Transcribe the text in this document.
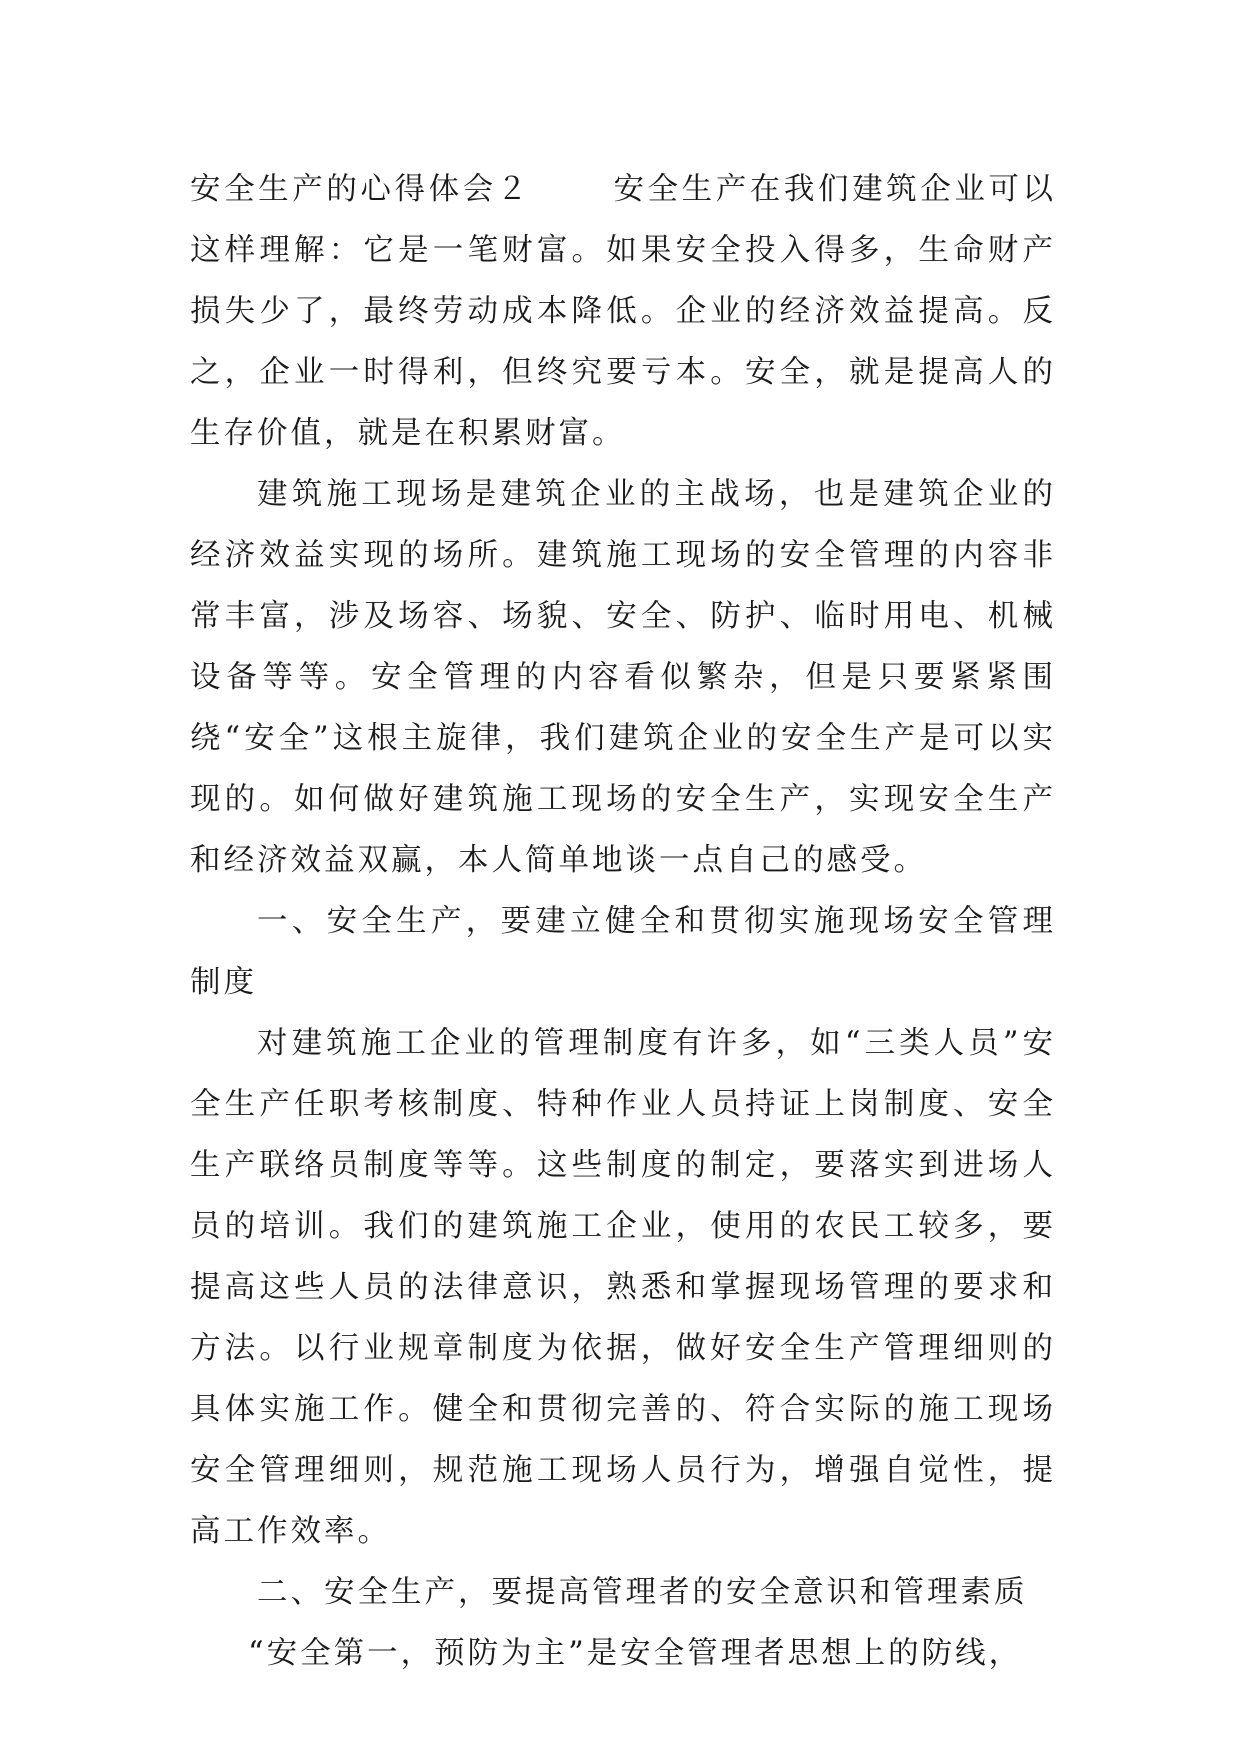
安全生产的心得体会２	安全生产在我们建筑企业可以这样理解：它是一笔财富。如果安全投入得多，生命财产损失少了，最终劳动成本降低。企业的经济效益提高。反之，企业一时得利，但终究要亏本。安全，就是提高人的生存价值，就是在积累财富。

建筑施工现场是建筑企业的主战场，也是建筑企业的经济效益实现的场所。建筑施工现场的安全管理的内容非常丰富，涉及场容、场貌、安全、防护、临时用电、机械设备等等。安全管理的内容看似繁杂，但是只要紧紧围绕“安全”这根主旋律，我们建筑企业的安全生产是可以实现的。如何做好建筑施工现场的安全生产，实现安全生产和经济效益双赢，本人简单地谈一点自己的感受。

一、安全生产，要建立健全和贯彻实施现场安全管理制度

对建筑施工企业的管理制度有许多，如“三类人员”安全生产任职考核制度、特种作业人员持证上岗制度、安全生产联络员制度等等。这些制度的制定，要落实到进场人员的培训。我们的建筑施工企业，使用的农民工较多，要提高这些人员的法律意识，熟悉和掌握现场管理的要求和方法。以行业规章制度为依据，做好安全生产管理细则的具体实施工作。健全和贯彻完善的、符合实际的施工现场安全管理细则，规范施工现场人员行为，增强自觉性，提高工作效率。

二、安全生产，要提高管理者的安全意识和管理素质

“安全第一，预防为主”是安全管理者思想上的防线，
